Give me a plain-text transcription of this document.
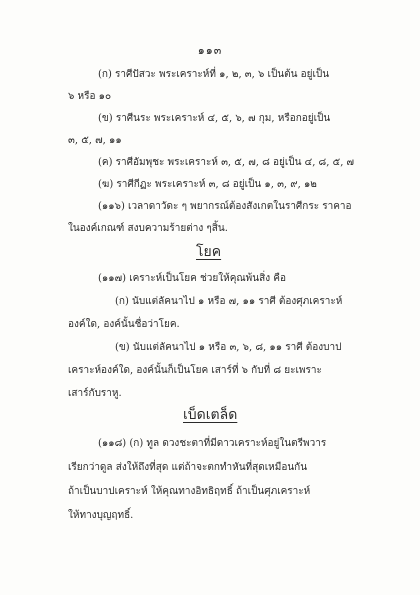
๑๑๓
(ก) ราศีปัสวะ พระเคราะห์ที่ ๑, ๒, ๓, ๖ เป็นต้น อยู่เป็น
๖ หรือ ๑๐
(ข) ราศีนระ พระเคราะห์ ๔, ๕, ๖, ๗ กุม, หรือกอยู่เป็น
๓, ๕, ๗, ๑๑
(ค) ราศีอัมพุชะ พระเคราะห์ ๓, ๕, ๗, ๘ อยู่เป็น ๔, ๘, ๕, ๗
(ฆ) ราศีกีฏะ พระเคราะห์ ๓, ๘ อยู่เป็น ๑, ๓, ๙, ๑๒
(๑๑๖) เวลาดาวัดะ ๆ พยากรณ์ต้องสังเกตในราศีกระ ราคาอ
ในองค์เกณฑ์ สงบความร้ายต่าง ๆสิ้น.
โยค
(๑๑๗) เคราะห์เป็นโยค ช่วยให้คุณพ้นสิ่ง คือ
(ก) นับแต่ลัคนาไป ๑ หรือ ๗, ๑๑ ราศี ต้องศุภเคราะห์
องค์ใด, องค์นั้นชื่อว่าโยค.
(ข) นับแต่ลัคนาไป ๑ หรือ ๓, ๖, ๘, ๑๑ ราศี ต้องบาป
เคราะห์องค์ใด, องค์นั้นก็เป็นโยค เสาร์ที่ ๖ กับที่ ๘ ยะเพราะ
เสาร์กับราหู.
เบ็ดเตล็ด
(๑๑๘) (ก) ทูล ดวงชะตาที่มีดาวเคราะห์อยู่ในตรีพวาร
เรียกว่าดูล ส่งให้ถึงที่สุด แต่ถ้าจะตกทำหันที่สุดเหมือนกัน
ถ้าเป็นบาปเคราะห์ ให้คุณทางอิทธิฤทธิ์ ถ้าเป็นศุภเคราะห์
ให้ทางบุญฤทธิ์.
